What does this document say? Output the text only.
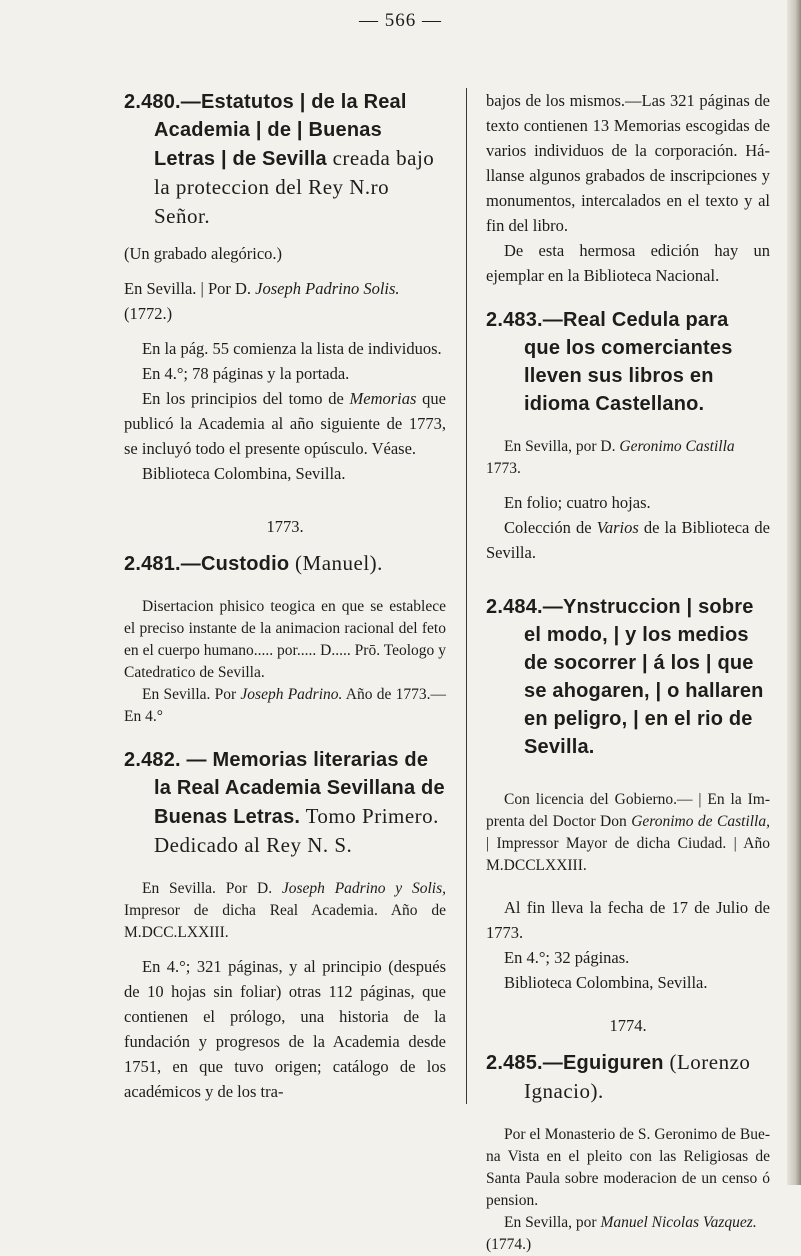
— 566 —

2.480.—Estatutos | de la Real Academia | de | Buenas Letras | de Sevilla creada bajo la proteccion del Rey N.ro Señor.

(Un grabado alegórico.)

En Sevilla. | Por D. Joseph Padrino Solis.
(1772.)

En la pág. 55 comienza la lista de individuos.

En 4.°; 78 páginas y la portada.

En los principios del tomo de Memorias que publicó la Academia al año siguiente de 1773, se incluyó todo el presente opúsculo. Véase.

Biblioteca Colombina, Sevilla.

1773.

2.481.—Custodio (Manuel).

Disertacion phisico teogica en que se establece el preciso instante de la animacion racional del feto en el cuerpo humano..... por..... D..... Prō. Teologo y Catedratico de Sevilla.

En Sevilla. Por Joseph Padrino. Año de 1773.—En 4.°

2.482. — Memorias literarias de la Real Academia Sevillana de Buenas Letras. Tomo Primero. Dedicado al Rey N. S.

En Sevilla. Por D. Joseph Padrino y Solis, Impresor de dicha Real Academia. Año de M.DCC.LXXIII.

En 4.°; 321 páginas, y al principio (después de 10 hojas sin foliar) otras 112 páginas, que contienen el prólogo, una historia de la fundación y progresos de la Academia desde 1751, en que tuvo origen; catálogo de los académicos y de los tra-

bajos de los mismos.—Las 321 páginas de texto contienen 13 Memorias escogidas de varios individuos de la corporación. Hállanse algunos grabados de inscripciones y monumentos, intercalados en el texto y al fin del libro.

De esta hermosa edición hay un ejemplar en la Biblioteca Nacional.

2.483.—Real Cedula para que los comerciantes lleven sus libros en idioma Castellano.

En Sevilla, por D. Geronimo Castilla 1773.

En folio; cuatro hojas.

Colección de Varios de la Biblioteca de Sevilla.

2.484.—Ynstruccion | sobre el modo, | y los medios de socorrer | á los | que se ahogaren, | o hallaren en peligro, | en el rio de Sevilla.

Con licencia del Gobierno.— | En la Imprenta del Doctor Don Geronimo de Castilla, | Impressor Mayor de dicha Ciudad. | Año M.DCCLXXIII.

Al fin lleva la fecha de 17 de Julio de 1773.

En 4.°; 32 páginas.

Biblioteca Colombina, Sevilla.

1774.

2.485.—Eguiguren (Lorenzo Ignacio).

Por el Monasterio de S. Geronimo de Buena Vista en el pleito con las Religiosas de Santa Paula sobre moderacion de un censo ó pension.

En Sevilla, por Manuel Nicolas Vazquez.
(1774.)
